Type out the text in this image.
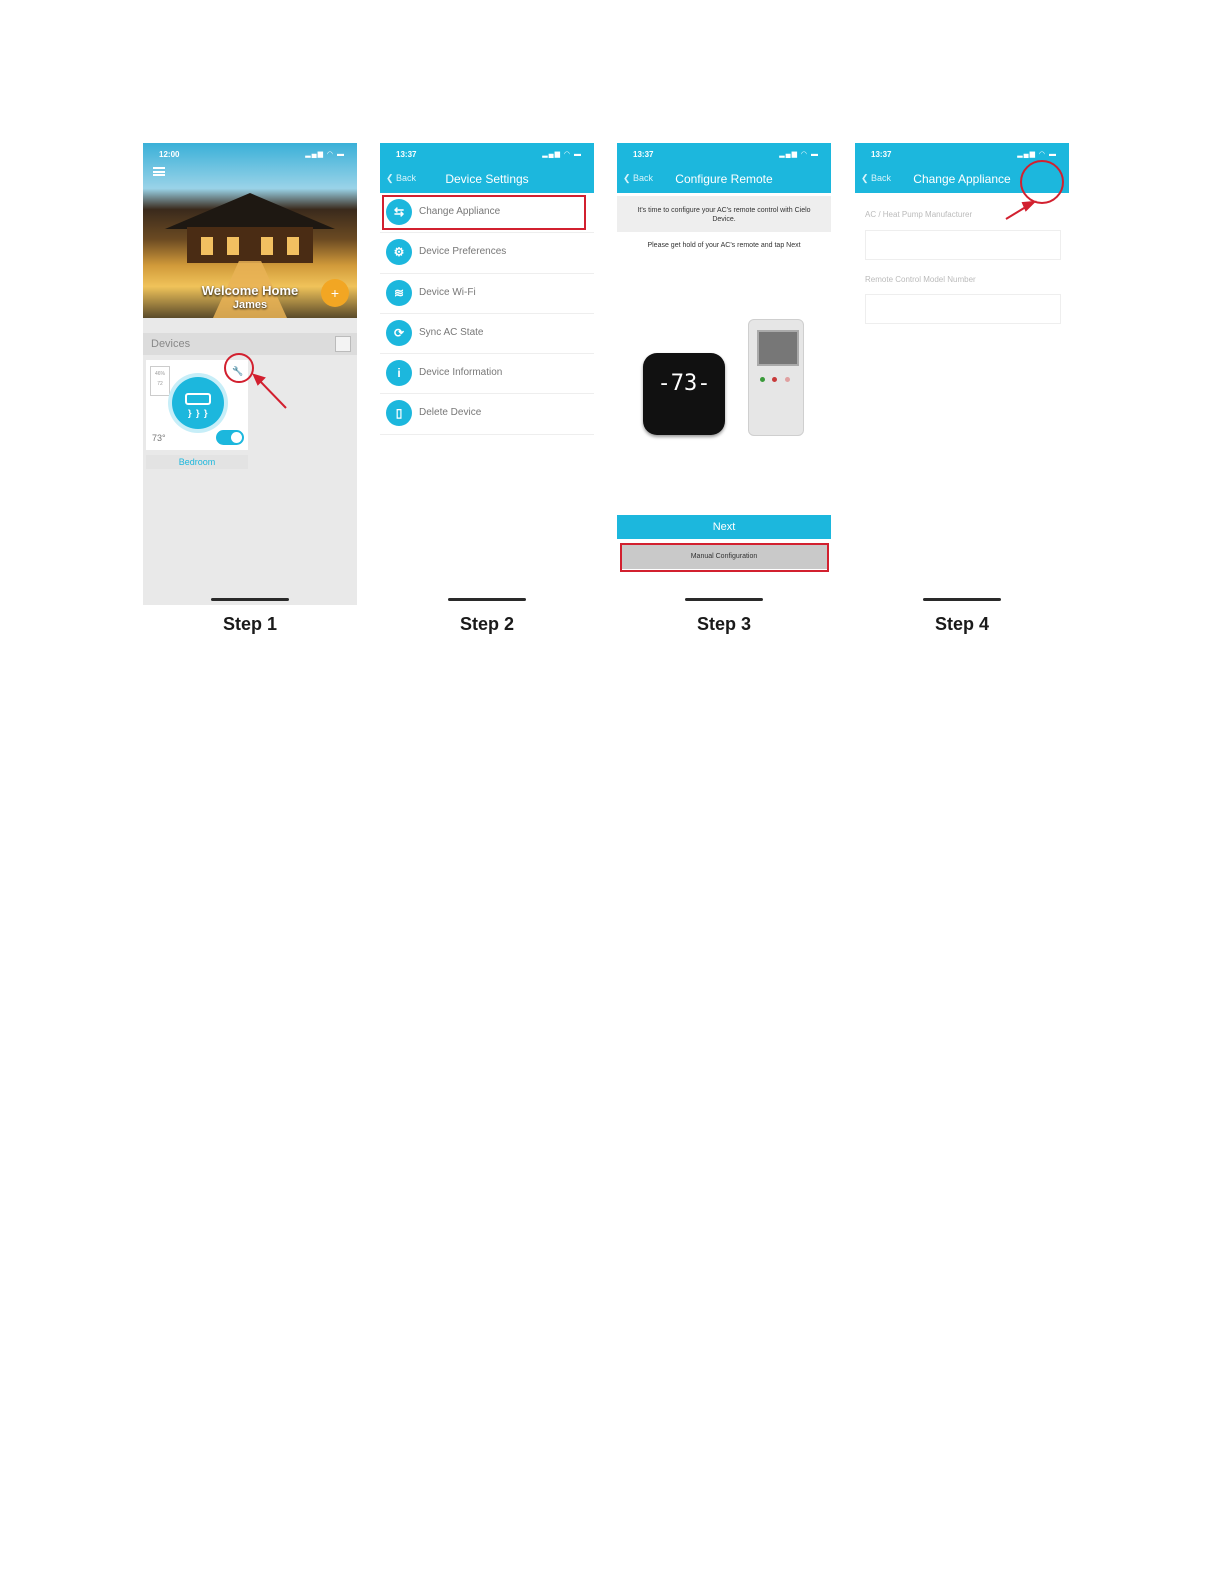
12:00	▂▄▆ ◠ ▬
Welcome Home
James
+
Devices
46%
72
} } }
🔧
73°
Bedroom
Step 1
13:37	▂▄▆ ◠ ▬
❮ Back	Device Settings
⇆	Change Appliance
⚙	Device Preferences
≋	Device Wi-Fi
⟳	Sync AC State
i	Device Information
▯	Delete Device
Step 2
13:37	▂▄▆ ◠ ▬
❮ Back	Configure Remote
It's time to configure your AC's remote control with Cielo Device.
Please get hold of your AC's remote and tap Next
-73-
Next
Manual Configuration
Step 3
13:37	▂▄▆ ◠ ▬
❮ Back	Change Appliance
AC / Heat Pump Manufacturer
Remote Control Model Number
Step 4
